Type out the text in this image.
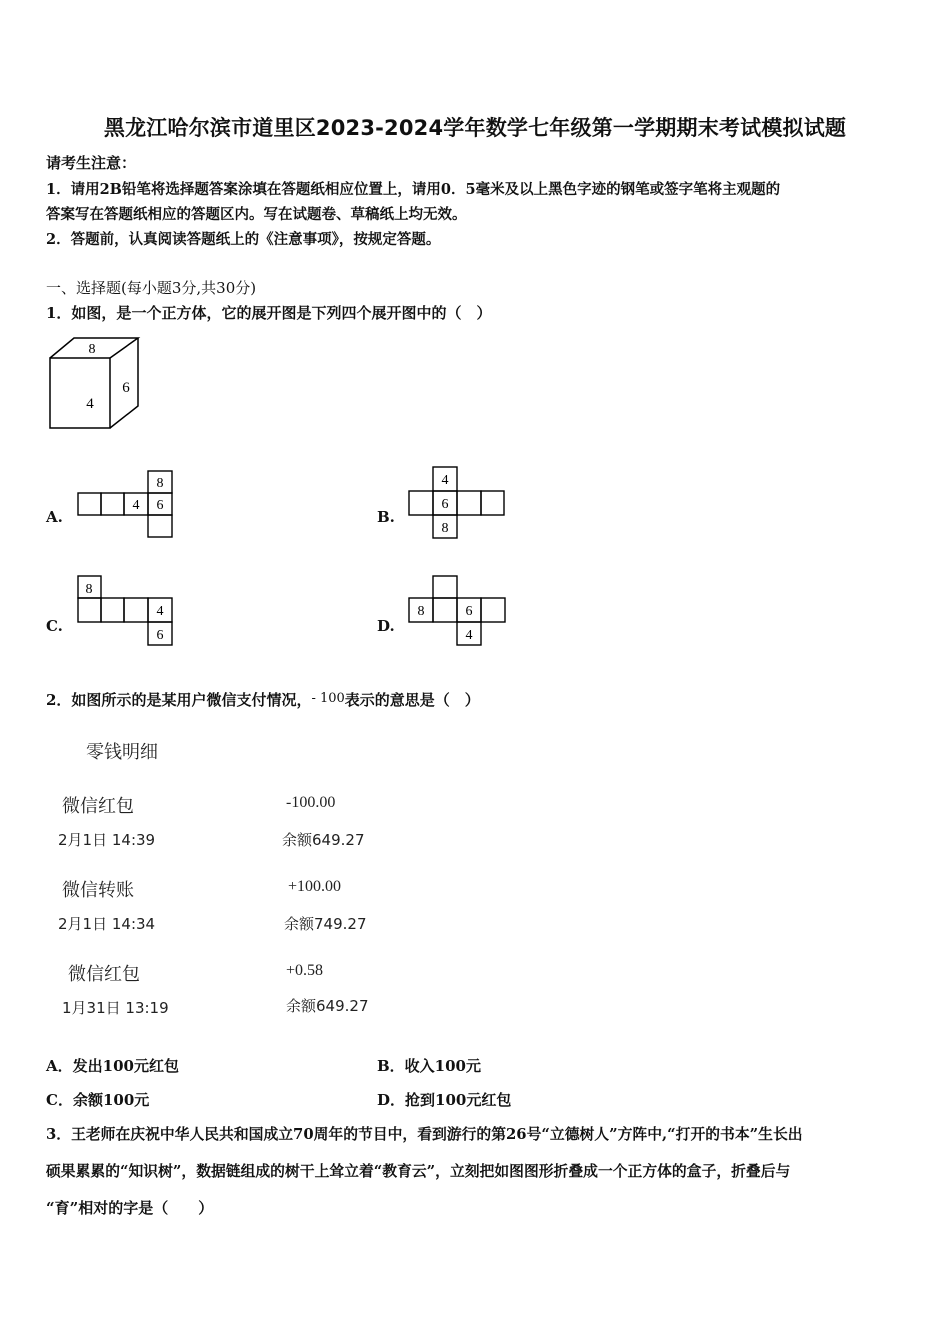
黑龙江哈尔滨市道里区2023-2024学年数学七年级第一学期期末考试模拟试题
请考生注意：
1．请用2B铅笔将选择题答案涂填在答题纸相应位置上，请用0．5毫米及以上黑色字迹的钢笔或签字笔将主观题的
答案写在答题纸相应的答题区内。写在试题卷、草稿纸上均无效。
2．答题前，认真阅读答题纸上的《注意事项》，按规定答题。
一、选择题(每小题3分,共30分)
1．如图，是一个正方体，它的展开图是下列四个展开图中的（　）
8
4
6
A.
8
4 6
B.
4
6
8
C.
8
4
6
D.
8	6
4
2．如图所示的是某用户微信支付情况，- 100表示的意思是（　）
零钱明细
微信红包	-100.00
2月1日 14:39	余额649.27
微信转账	+100.00
2月1日 14:34	余额749.27
微信红包	+0.58
1月31日 13:19	余额649.27
A．发出100元红包	B．收入100元
C．余额100元	D．抢到100元红包
3．王老师在庆祝中华人民共和国成立70周年的节目中，看到游行的第26号“立德树人”方阵中,“打开的书本”生长出
硕果累累的“知识树”，数据链组成的树干上耸立着“教育云”，立刻把如图图形折叠成一个正方体的盒子，折叠后与
“育”相对的字是（　　）
